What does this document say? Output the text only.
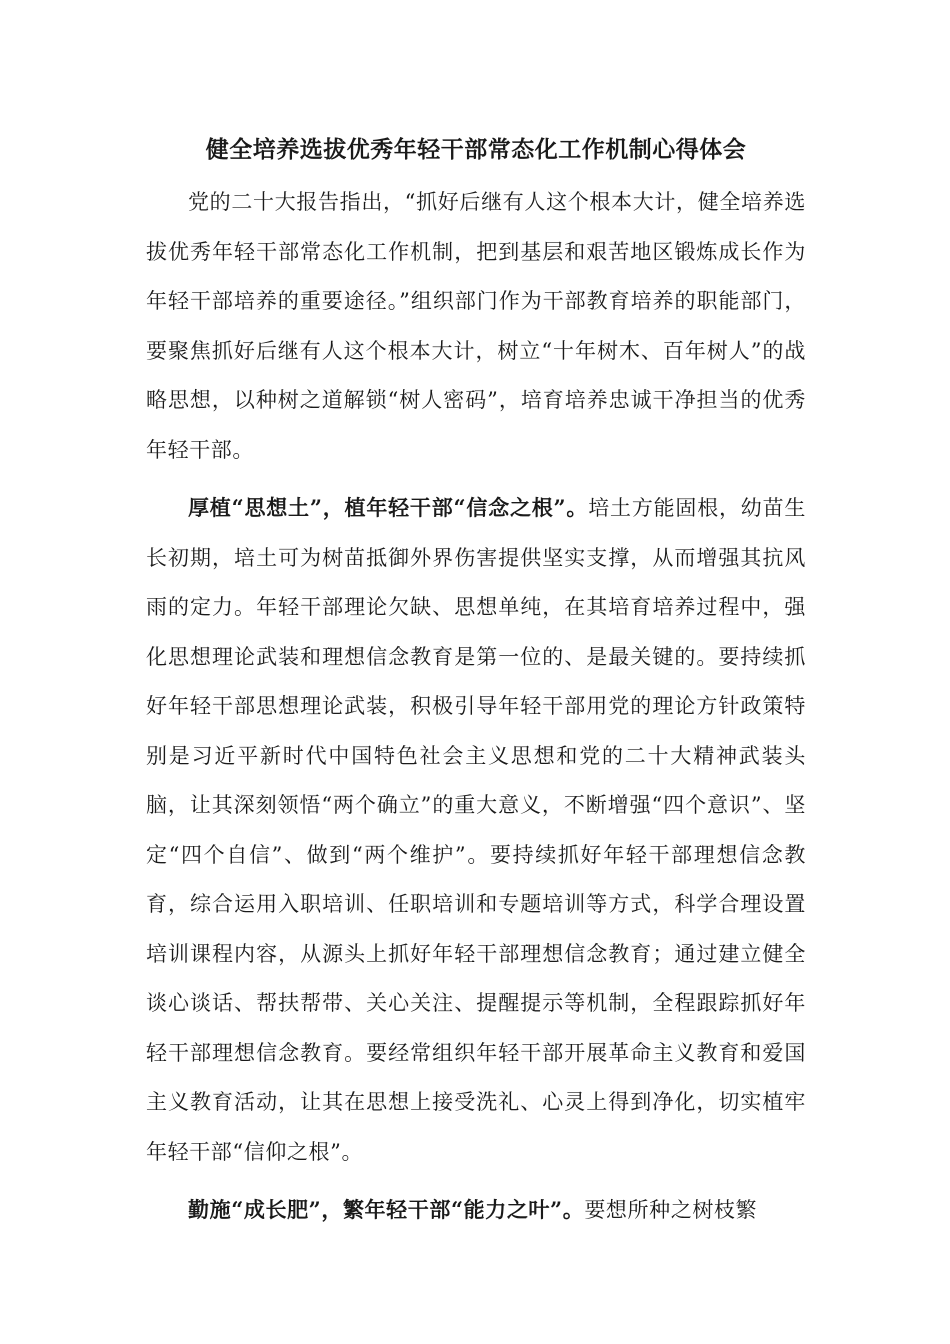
健全培养选拔优秀年轻干部常态化工作机制心得体会

党的二十大报告指出，“抓好后继有人这个根本大计，健全培养选拔优秀年轻干部常态化工作机制，把到基层和艰苦地区锻炼成长作为年轻干部培养的重要途径。”组织部门作为干部教育培养的职能部门，要聚焦抓好后继有人这个根本大计，树立“十年树木、百年树人”的战略思想，以种树之道解锁“树人密码”，培育培养忠诚干净担当的优秀年轻干部。

厚植“思想土”，植年轻干部“信念之根”。培土方能固根，幼苗生长初期，培土可为树苗抵御外界伤害提供坚实支撑，从而增强其抗风雨的定力。年轻干部理论欠缺、思想单纯，在其培育培养过程中，强化思想理论武装和理想信念教育是第一位的、是最关键的。要持续抓好年轻干部思想理论武装，积极引导年轻干部用党的理论方针政策特别是习近平新时代中国特色社会主义思想和党的二十大精神武装头脑，让其深刻领悟“两个确立”的重大意义，不断增强“四个意识”、坚定“四个自信”、做到“两个维护”。要持续抓好年轻干部理想信念教育，综合运用入职培训、任职培训和专题培训等方式，科学合理设置培训课程内容，从源头上抓好年轻干部理想信念教育；通过建立健全谈心谈话、帮扶帮带、关心关注、提醒提示等机制，全程跟踪抓好年轻干部理想信念教育。要经常组织年轻干部开展革命主义教育和爱国主义教育活动，让其在思想上接受洗礼、心灵上得到净化，切实植牢年轻干部“信仰之根”。

勤施“成长肥”，繁年轻干部“能力之叶”。要想所种之树枝繁
